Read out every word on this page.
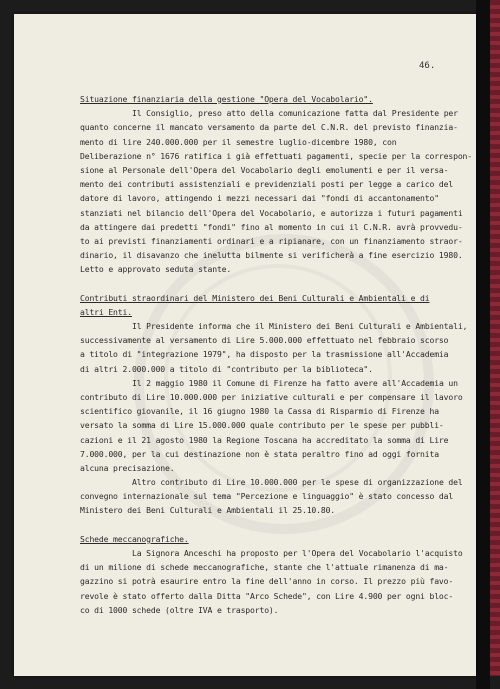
46.
Situazione finanziaria della gestione "Opera del Vocabolario".
Il Consiglio, preso atto della comunicazione fatta dal Presidente per
quanto concerne il mancato versamento da parte del C.N.R. del previsto finanzia-
mento di lire 240.000.000 per il semestre luglio-dicembre 1980, con
Deliberazione n° 1676 ratifica i già effettuati pagamenti, specie per la correspon-
sione al Personale dell'Opera del Vocabolario degli emolumenti e per il versa-
mento dei contributi assistenziali e previdenziali posti per legge a carico del
datore di lavoro, attingendo i mezzi necessari dai "fondi di accantonamento"
stanziati nel bilancio dell'Opera del Vocabolario, e autorizza i futuri pagamenti
da attingere dai predetti "fondi" fino al momento in cui il C.N.R. avrà provvedu-
to ai previsti finanziamenti ordinari e a ripianare, con un finanziamento straor-
dinario, il disavanzo che inelutta bilmente si verificherà a fine esercizio 1980.
Letto e approvato seduta stante.
Contributi straordinari del Ministero dei Beni Culturali e Ambientali e di
altri Enti.
Il Presidente informa che il Ministero dei Beni Culturali e Ambientali,
successivamente al versamento di Lire 5.000.000 effettuato nel febbraio scorso
a titolo di "integrazione 1979", ha disposto per la trasmissione all'Accademia
di altri 2.000.000 a titolo di "contributo per la biblioteca".
Il 2 maggio 1980 il Comune di Firenze ha fatto avere all'Accademia un
contributo di Lire 10.000.000 per iniziative culturali e per compensare il lavoro
scientifico giovanile, il 16 giugno 1980 la Cassa di Risparmio di Firenze ha
versato la somma di Lire 15.000.000 quale contributo per le spese per pubbli-
cazioni e il 21 agosto 1980 la Regione Toscana ha accreditato la somma di Lire
7.000.000, per la cui destinazione non è stata peraltro fino ad oggi fornita
alcuna precisazione.
Altro contributo di Lire 10.000.000 per le spese di organizzazione del
convegno internazionale sul tema "Percezione e linguaggio" è stato concesso dal
Ministero dei Beni Culturali e Ambientali il 25.10.80.
Schede meccanografiche.
La Signora Anceschi ha proposto per l'Opera del Vocabolario l'acquisto
di un milione di schede meccanografiche, stante che l'attuale rimanenza di ma-
gazzino si potrà esaurire entro la fine dell'anno in corso. Il prezzo più favo-
revole è stato offerto dalla Ditta "Arco Schede", con Lire 4.900 per ogni bloc-
co di 1000 schede (oltre IVA e trasporto).
